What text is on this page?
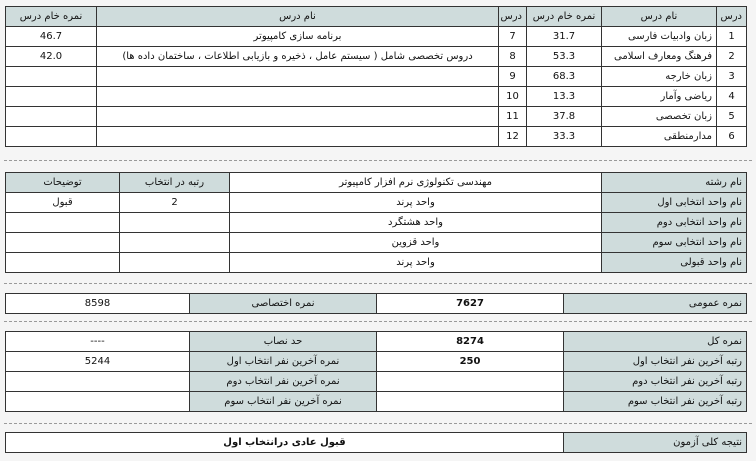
درس	نام درس	نمره خام درس	درس	نام درس	نمره خام درس
1	زبان وادبیات فارسی	31.7	7	برنامه سازی کامپیوتر	46.7
2	فرهنگ ومعارف اسلامی	53.3	8	دروس تخصصی شامل ( سیستم عامل ، ذخیره و بازیابی اطلاعات ، ساختمان داده ها)	42.0
3	زبان خارجه	68.3	9		
4	ریاضی وآمار	13.3	10		
5	زبان تخصصی	37.8	11		
6	مدارمنطقی	33.3	12		
نام رشته	مهندسی تکنولوژی نرم افزار کامپیوتر	رتبه در انتخاب	توضیحات
نام واحد انتخابی اول	واحد پرند	2	قبول
نام واحد انتخابی دوم	واحد هشتگرد		
نام واحد انتخابی سوم	واحد قزوین		
نام واحد قبولی	واحد پرند		
نمره عمومی	7627	نمره اختصاصی	8598
نمره کل	8274	حد نصاب	----
رتبه آخرین نفر انتخاب اول	250	نمره آخرین نفر انتخاب اول	5244
رتبه آخرین نفر انتخاب دوم		نمره آخرین نفر انتخاب دوم	
رتبه آخرین نفر انتخاب سوم		نمره آخرین نفر انتخاب سوم	
نتیجه کلی آزمون	قبول عادی درانتخاب اول
